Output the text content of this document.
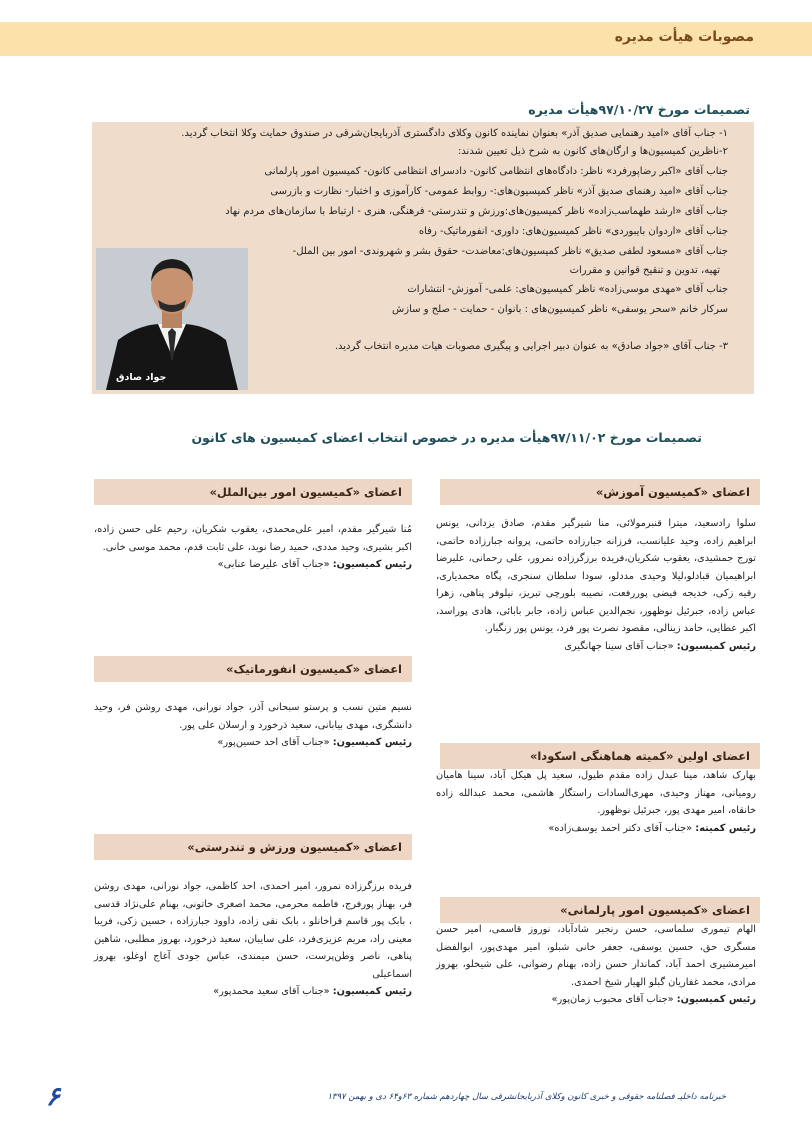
مصوبات هیأت مدیره
تصمیمات مورخ ۹۷/۱۰/۲۷هیأت مدیره
۱- جناب آقای «امید رهنمایی صدیق آذر» بعنوان نماینده کانون وکلای دادگستری آذربایجان‌شرقی در صندوق حمایت وکلا انتخاب گردید.
۲-ناظرین کمیسیون‌ها و ارگان‌های کانون به شرح ذیل تعیین شدند:
جناب آقای «اکبر رضاپورفرد» ناظر: دادگاه‌های انتظامی کانون- دادسرای انتظامی کانون- کمیسیون امور پارلمانی
جناب آقای «امید رهنمای صدیق آذر» ناظر کمیسیون‌های:- روابط عمومی- کارآموزی و اختبار- نظارت و بازرسی
جناب آقای «ارشد طهماسب‌زاده» ناظر کمیسیون‌های:ورزش و تندرستی- فرهنگی، هنری - ارتباط با سازمان‌های مردم نهاد
جناب آقای «اردوان بایبوردی» ناظر کمیسیون‌های: داوری- انفورماتیک- رفاه
جناب آقای «مسعود لطفی صدیق» ناظر کمیسیون‌های:معاضدت- حقوق بشر و شهروندی- امور بین الملل-
تهیه، تدوین و تنقیح قوانین و مقررات
جناب آقای «مهدی موسی‌زاده» ناظر کمیسیون‌های: علمی- آموزش- انتشارات
سرکار خانم «سحر یوسفی» ناظر کمیسیون‌های : بانوان - حمایت - صلح و سازش
۳- جناب آقای «جواد صادق» به عنوان دبیر اجرایی و پیگیری مصوبات هیات مدیره انتخاب گردید.
جواد صادق
تصمیمات مورخ ۹۷/۱۱/۰۲هیأت مدیره در خصوص انتخاب اعضای کمیسیون های کانون
اعضای «کمیسیون آموزش»
سلوا رادسعید، میترا قنبرمولائی، منا شیرگیر مقدم، صادق یزدانی، یونس ابراهیم زاده، وحید علیانسب، فرزانه جبارزاده حاتمی، پروانه جبارزاده حاتمی، تورج جمشیدی، یعقوب شکریان،فریده برزگرزاده نمرور، علی رحمانی، علیرضا ابراهیمیان قبادلو،لیلا وحیدی مددلو، سودا سلطان سنجری، پگاه محمدیاری، رقیه زکی، خدیجه فیضی پوررفعت، نصیبه بلورچی تبریز، نیلوفر پناهی، زهرا عباس زاده، جبرئیل نوظهور، نجم‌الدین عباس زاده، جابر بابائی، هادی پوراسد، اکبر عطایی، حامد زینالی، مقصود نصرت پور فرد، یونس پور زنگبار.
رئیس کمیسیون: «جناب آقای سینا جهانگیری
اعضای اولین «کمیته هماهنگی اسکودا»
بهارک شاهد، مینا عبدل زاده مقدم طیول، سعید پل هیکل آباد، سینا هامیان رومیانی، مهناز وحیدی، مهری‌السادات راستگار هاشمی، محمد عبدالله زاده خانقاه، امیر مهدی پور، جبرئیل نوظهور.
رئیس کمیته: «جناب آقای دکتر احمد یوسف‌زاده»
اعضای «کمیسیون امور پارلمانی»
الهام تیموری سلماسی، حسن رنجبر شادآباد، نوروز قاسمی، امیر حسن مسگری حق، حسین یوسفی، جعفر خانی شبلو، امیر مهدی‌پور، ابوالفضل امیرمشیری احمد آباد، کماندار حسن زاده، بهنام رضوانی، علی شیخلو، بهروز مرادی، محمد غفاریان گبلو الهیار شیخ احمدی.
رئیس کمیسیون: «جناب آقای محبوب زمان‌پور»
اعضای «کمیسیون امور بین‌الملل»
مُنا شیرگیر مقدم، امیر علی‌محمدی، یعقوب شکریان، رحیم علی حسن زاده، اکبر بشیری، وحید مددی، حمید رضا نوید، علی ثابت قدم، محمد موسی خانی.
رئیس کمیسیون: «جناب آقای علیرضا عنابی»
اعضای «کمیسیون انفورماتیک»
نسیم متین نسب و پرستو سبحانی آذر، جواد نورانی، مهدی روشن فر، وحید دانشگری، مهدی بیابانی، سعید ذرخورد و ارسلان علی پور.
رئیس کمیسیون: «جناب آقای احد حسین‌پور»
اعضای «کمیسیون ورزش و تندرستی»
فریده برزگرزاده نمرور، امیر احمدی، احد کاظمی، جواد نورانی، مهدی روشن فر، بهناز پورفرج، فاطمه محرمی، محمد اصغری خاتونی، بهنام علی‌نژاد قدسی ، بابک پور قاسم قراخانلو ، بابک نقی زاده، داوود جبارزاده ، حسین زکی، فریبا معینی راد، مریم عزیزی‌فرد، علی سایبان، سعید ذرخورد، بهروز مطلبی، شاهین پناهی، ناصر وطن‌پرست، حسن میمندی، عباس جودی آغاج اوغلو، بهروز اسماعیلی
رئیس کمیسیون: «جناب آقای سعید محمدپور»
خبرنامه داخلیـ فصلنامه حقوقی و خبری کانون وکلای آذربایجانشرقی سال چهاردهم شماره ۶۳و۶۴ دی و بهمن ۱۳۹۷
۶
